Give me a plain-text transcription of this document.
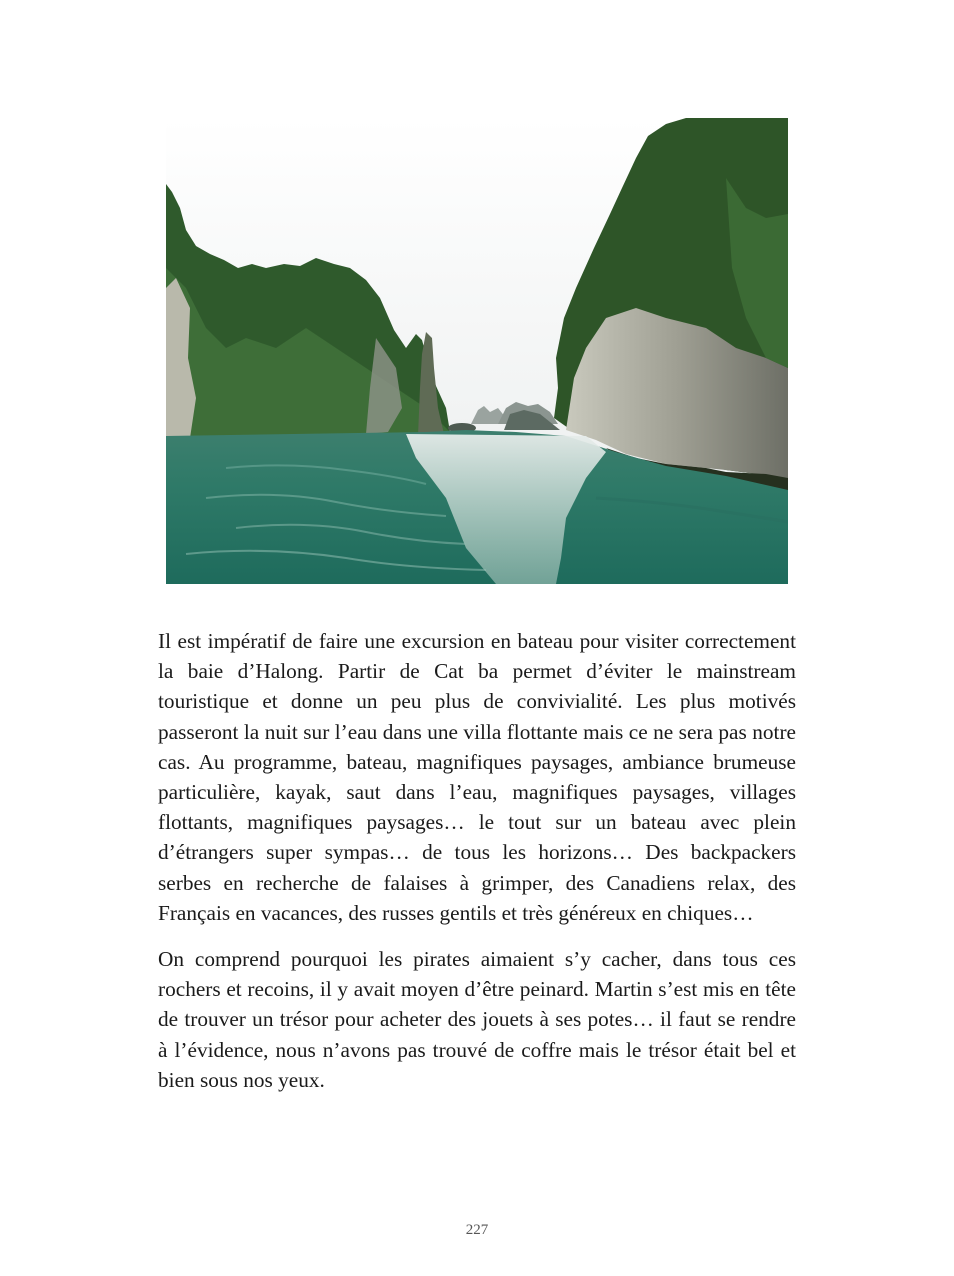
Il est impératif de faire une excursion en bateau pour visiter correctement la baie d’Halong. Partir de Cat ba permet d’éviter le mainstream touristique et donne un peu plus de convivialité. Les plus motivés passeront la nuit sur l’eau dans une villa flottante mais ce ne sera pas notre cas. Au programme, bateau, magnifiques paysages, ambiance brumeuse particulière, kayak, saut dans l’eau, magnifiques paysages, villages flottants, magnifiques paysages… le tout sur un bateau avec plein d’étrangers super sympas… de tous les horizons… Des backpackers serbes en recherche de falaises à grimper, des Canadiens relax, des Français en vacances, des russes gentils et très généreux en chiques…

On comprend pourquoi les pirates aimaient s’y cacher, dans tous ces rochers et recoins, il y avait moyen d’être peinard. Martin s’est mis en tête de trouver un trésor pour acheter des jouets à ses potes… il faut se rendre à l’évidence, nous n’avons pas trouvé de coffre mais le trésor était bel et bien sous nos yeux.

227
